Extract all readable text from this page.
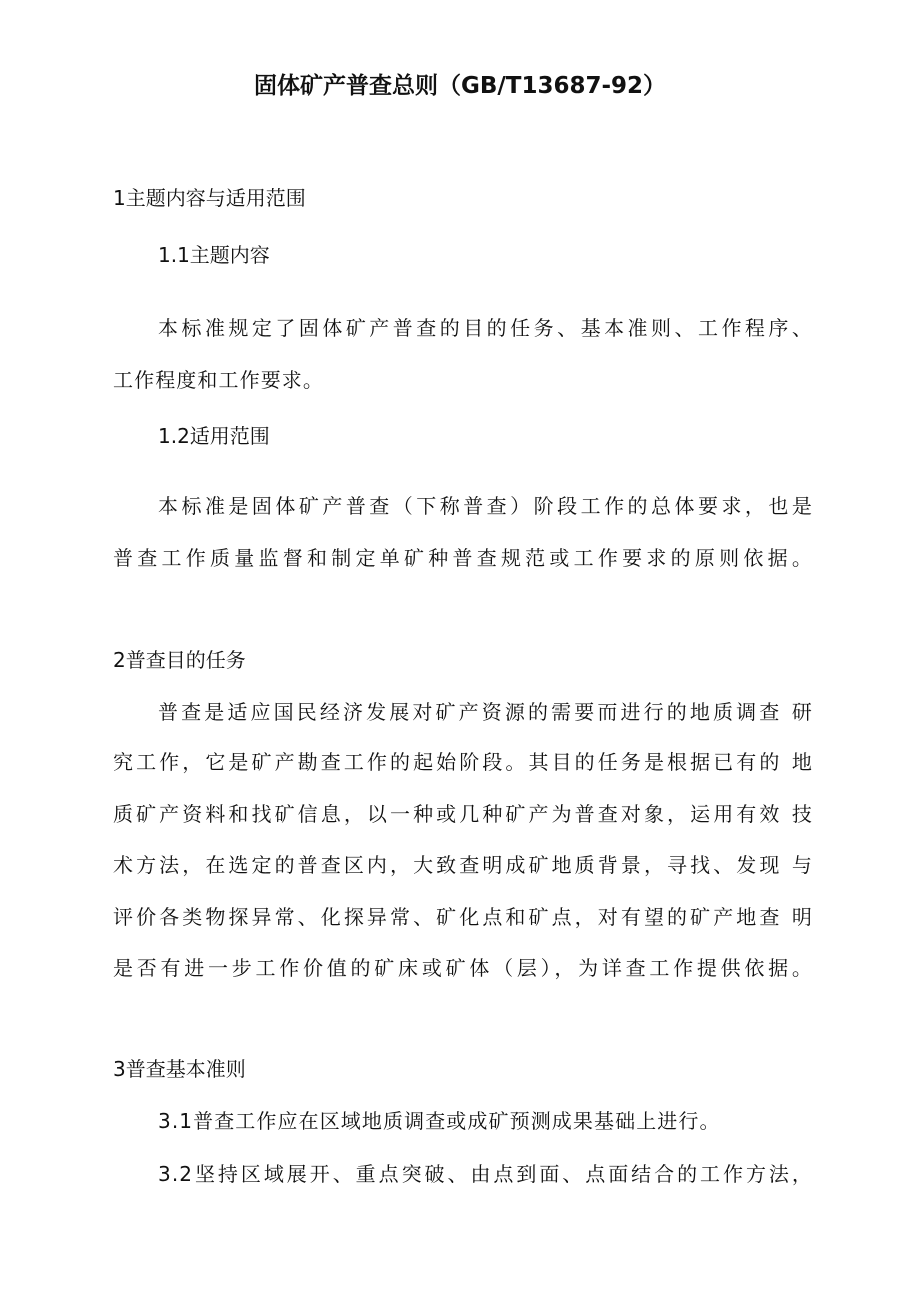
固体矿产普查总则（GB/T13687-92）
1主题内容与适用范围
1.1主题内容
本标准规定了固体矿产普查的目的任务、基本准则、工作程序、
工作程度和工作要求。
1.2适用范围
本标准是固体矿产普查（下称普查）阶段工作的总体要求，也是
普查工作质量监督和制定单矿种普查规范或工作要求的原则依据。
2普查目的任务
普查是适应国民经济发展对矿产资源的需要而进行的地质调查 研
究工作，它是矿产勘查工作的起始阶段。其目的任务是根据已有的 地
质矿产资料和找矿信息，以一种或几种矿产为普查对象，运用有效 技
术方法，在选定的普查区内，大致查明成矿地质背景，寻找、发现 与
评价各类物探异常、化探异常、矿化点和矿点，对有望的矿产地查 明
是否有进一步工作价值的矿床或矿体（层），为详查工作提供依据。
3普查基本准则
3.1普查工作应在区域地质调查或成矿预测成果基础上进行。
3.2坚持区域展开、重点突破、由点到面、点面结合的工作方法，
